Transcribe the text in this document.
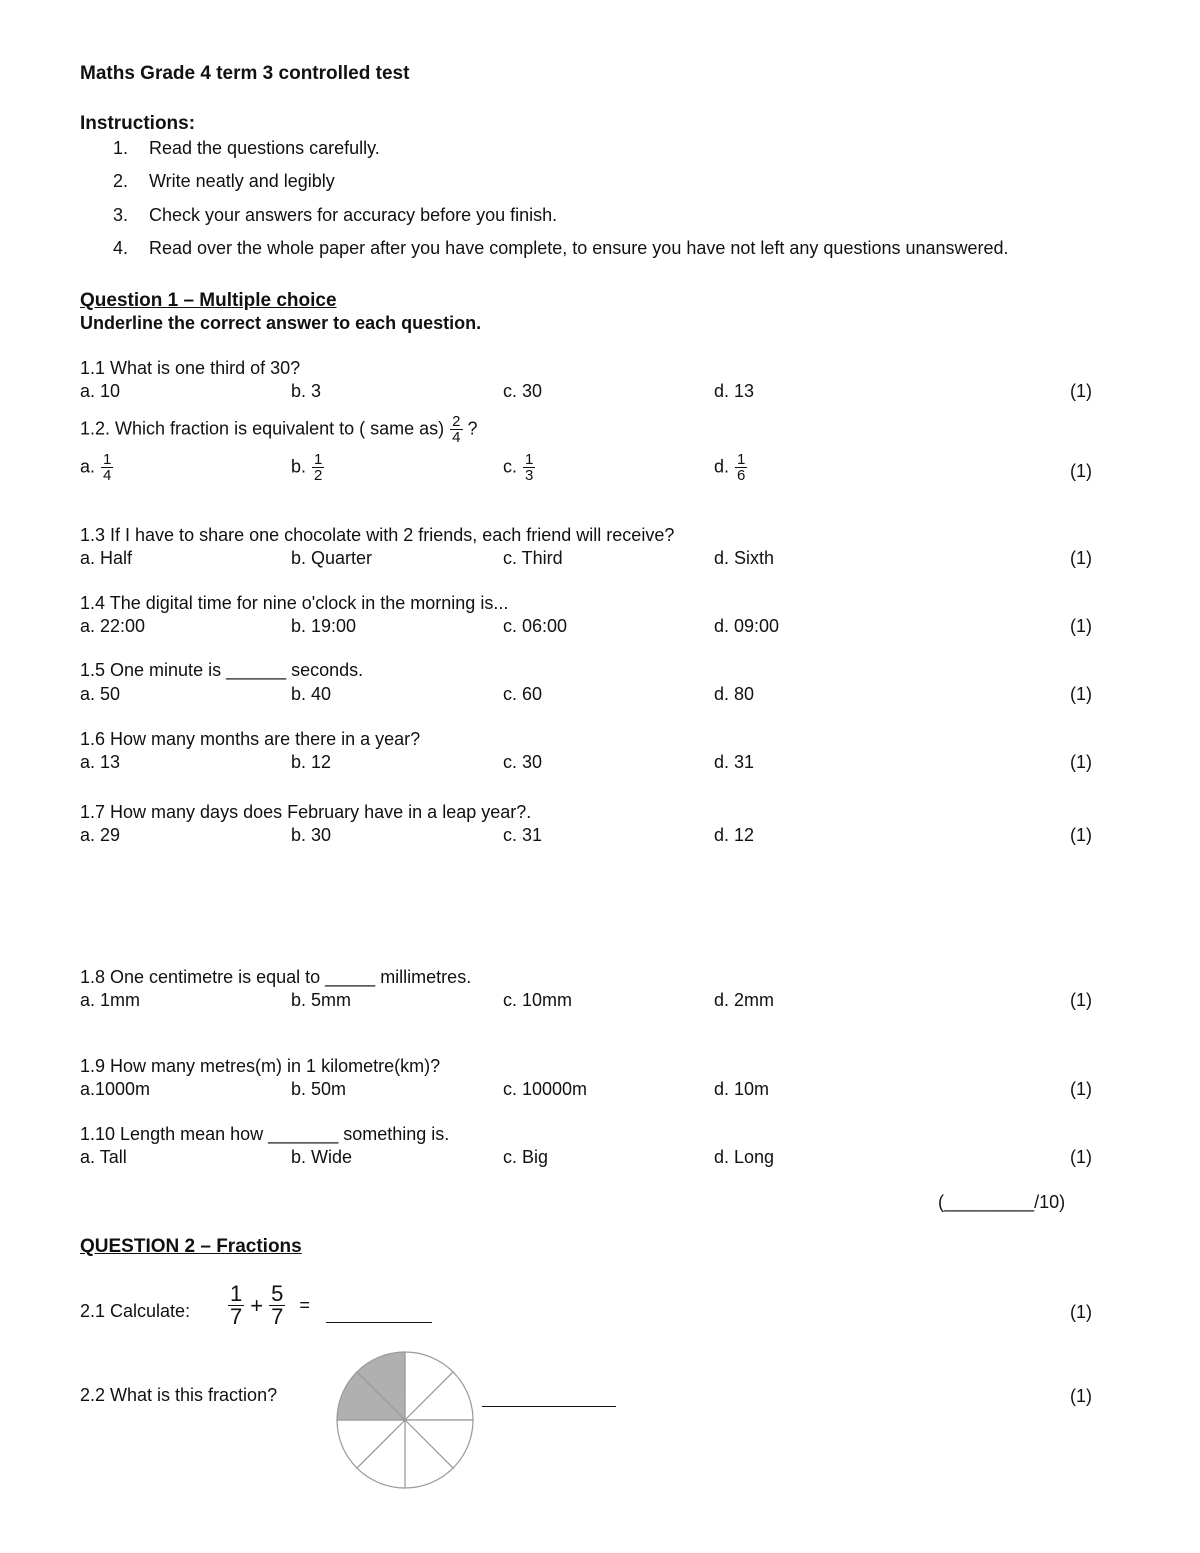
Maths Grade 4 term 3 controlled test
Instructions:
1. Read the questions carefully.
2. Write neatly and legibly
3. Check your answers for accuracy before you finish.
4. Read over the whole paper after you have complete, to ensure you have not left any questions unanswered.
Question 1 – Multiple choice
Underline the correct answer to each question.
1.1 What is one third of 30?
a. 10	b. 3	c. 30	d. 13	(1)
1.2. Which fraction is equivalent to ( same $as) \frac{2}{4}$ ?
a. $\frac{1}{4}$	b. $\frac{1}{2}$	c. $\frac{1}{3}$	d. $\frac{1}{6}$	(1)
1.3 If I have to share one chocolate with 2 friends, each friend will receive?
a. Half	b. Quarter	c. Third	d. Sixth	(1)
1.4 The digital time for nine o'clock in the morning is...
a. 22:00	b. 19:00	c. 06:00	d. 09:00	(1)
1.5 One minute is ______ seconds.
a. 50	b. 40	c. 60	d. 80	(1)
1.6 How many months are there in a year?
a. 13	b. 12	c. 30	d. 31	(1)
1.7 How many days does February have in a leap year?.
a. 29	b. 30	c. 31	d. 12	(1)
1.8 One centimetre is equal to _____ millimetres.
a. 1mm	b. 5mm	c. 10mm	d. 2mm	(1)
1.9 How many metres(m) in 1 kilometre(km)?
a.1000m	b. 50m	c. 10000m	d. 10m	(1)
1.10 Length mean how _______ something is.
a. Tall	b. Wide	c. Big	d. Long	(1)
(_________/10)
QUESTION 2 – Fractions
2.1 Calculate: $\frac{1}{7} + \frac{5}{7}$ =	(1)
2.2 What is this fraction?	(1)
